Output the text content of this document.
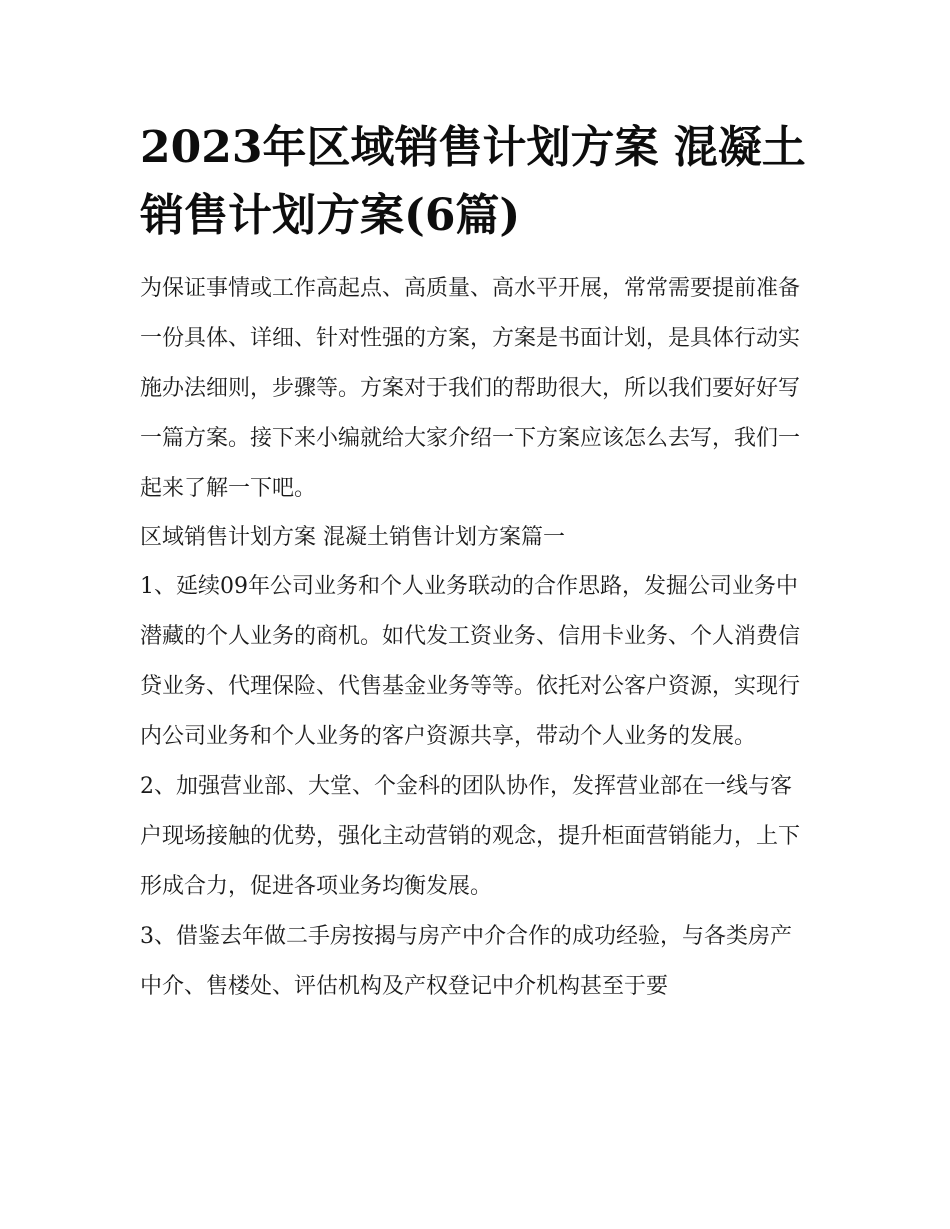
2023年区域销售计划方案 混凝土销售计划方案(6篇)

为保证事情或工作高起点、高质量、高水平开展，常常需要提前准备一份具体、详细、针对性强的方案，方案是书面计划，是具体行动实施办法细则，步骤等。方案对于我们的帮助很大，所以我们要好好写一篇方案。接下来小编就给大家介绍一下方案应该怎么去写，我们一起来了解一下吧。

区域销售计划方案 混凝土销售计划方案篇一

1、延续09年公司业务和个人业务联动的合作思路，发掘公司业务中潜藏的个人业务的商机。如代发工资业务、信用卡业务、个人消费信贷业务、代理保险、代售基金业务等等。依托对公客户资源，实现行内公司业务和个人业务的客户资源共享，带动个人业务的发展。

2、加强营业部、大堂、个金科的团队协作，发挥营业部在一线与客户现场接触的优势，强化主动营销的观念，提升柜面营销能力，上下形成合力，促进各项业务均衡发展。

3、借鉴去年做二手房按揭与房产中介合作的成功经验，与各类房产中介、售楼处、评估机构及产权登记中介机构甚至于要
